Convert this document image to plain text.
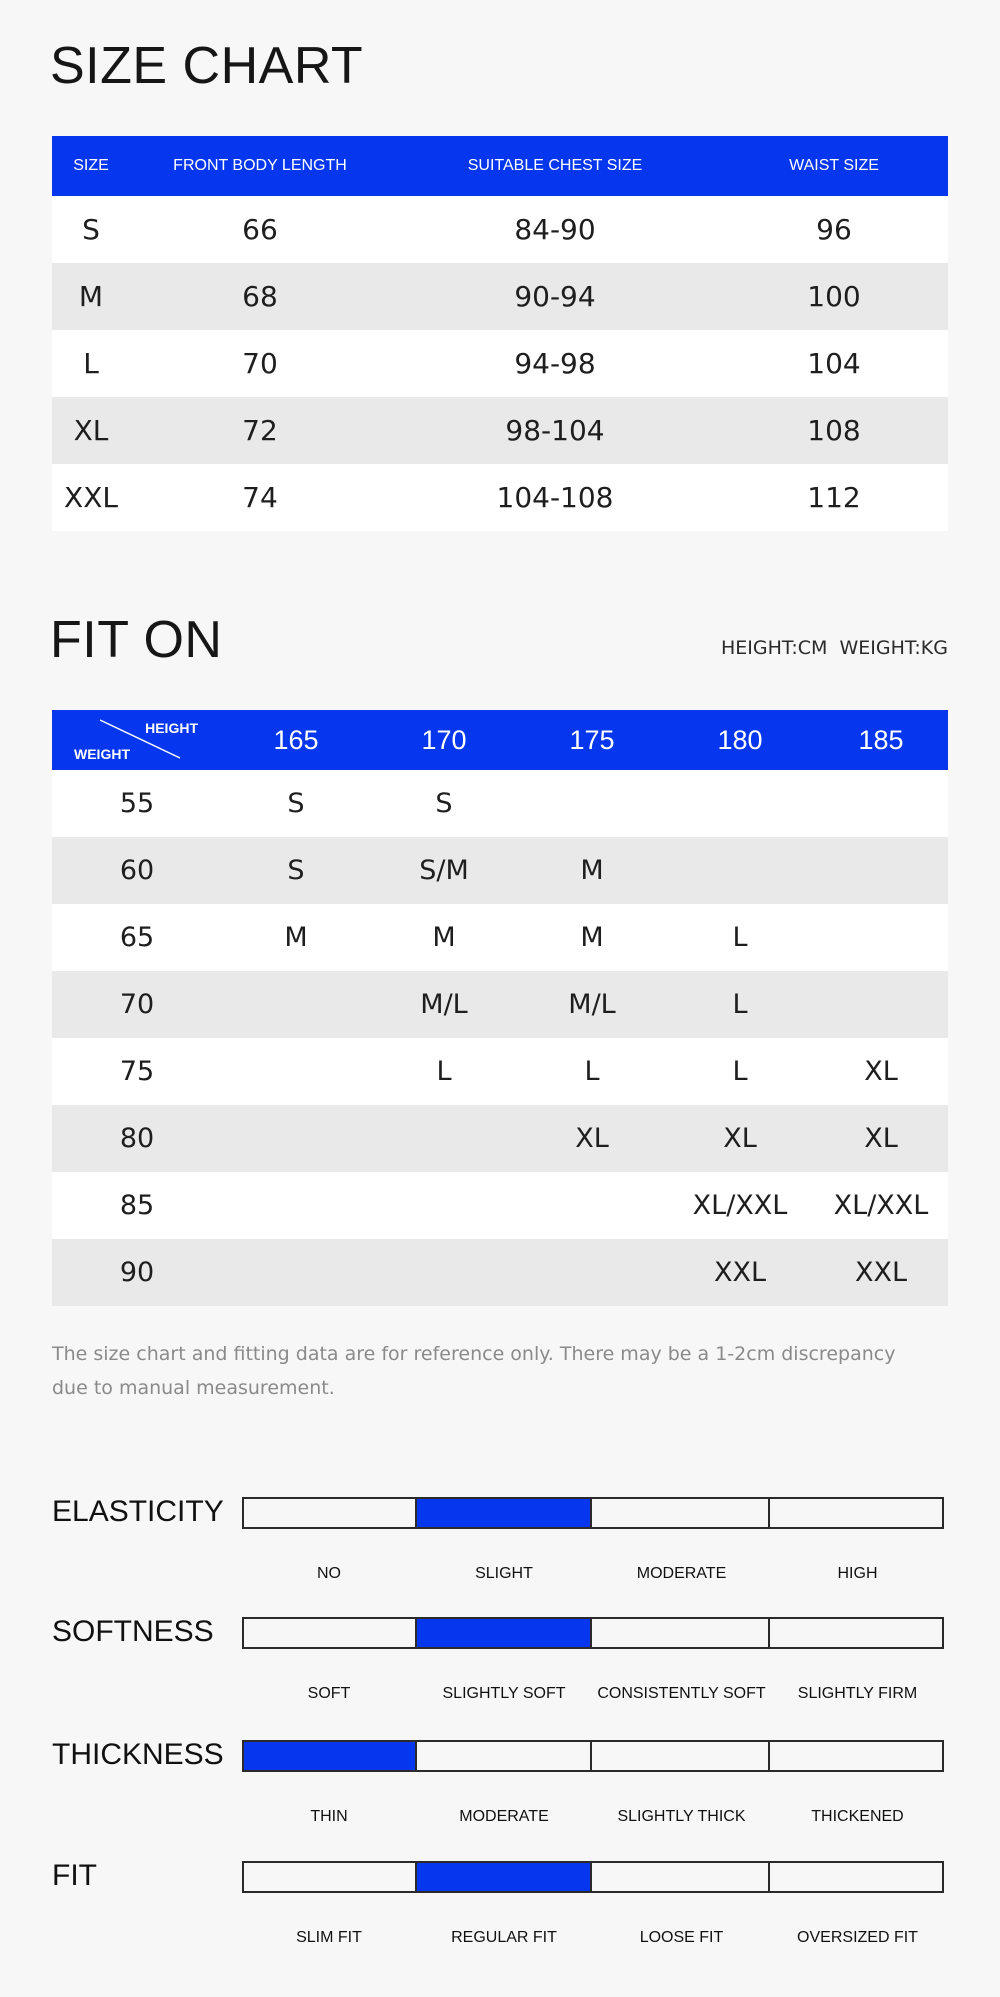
SIZE CHART
SIZE	FRONT BODY LENGTH	SUITABLE CHEST SIZE	WAIST SIZE
S	66	84-90	96
M	68	90-94	100
L	70	94-98	104
XL	72	98-104	108
XXL	74	104-108	112
FIT ON	HEIGHT:CM WEIGHT:KG
HEIGHT
WEIGHT	165	170	175	180	185
55	S	S			
60	S	S/M	M		
65	M	M	M	L	
70		M/L	M/L	L	
75		L	L	L	XL
80			XL	XL	XL
85				XL/XXL	XL/XXL
90				XXL	XXL

The size chart and fitting data are for reference only. There may be a 1-2cm discrepancy due to manual measurement.

ELASTICITY
NO	SLIGHT	MODERATE	HIGH
SOFTNESS
SOFT	SLIGHTLY SOFT	CONSISTENTLY SOFT	SLIGHTLY FIRM
THICKNESS
THIN	MODERATE	SLIGHTLY THICK	THICKENED
FIT
SLIM FIT	REGULAR FIT	LOOSE FIT	OVERSIZED FIT
